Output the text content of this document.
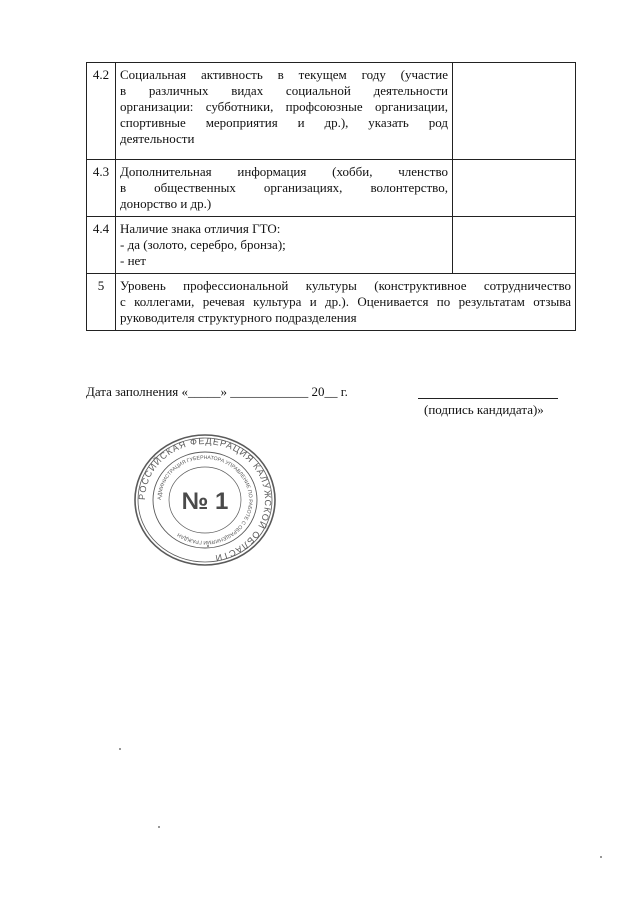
4.2	Социальная активность в текущем году (участие
в различных видах социальной деятельности
организации: субботники, профсоюзные организации,
спортивные мероприятия и др.), указать род
деятельности	

4.3	Дополнительная информация (хобби, членство
в общественных организациях, волонтерство,
донорство и др.)	

4.4	Наличие знака отличия ГТО:
- да (золото, серебро, бронза);
- нет	

5	Уровень профессиональной культуры (конструктивное сотрудничество
с коллегами, речевая культура и др.). Оценивается по результатам отзыва
руководителя структурного подразделения	
Дата заполнения «_____» ____________ 20__ г.
(подпись кандидата)»
РОССИЙСКАЯ ФЕДЕРАЦИЯ КАЛУЖСКОЙ ОБЛАСТИ
АДМИНИСТРАЦИЯ ГУБЕРНАТОРА УПРАВЛЕНИЕ ПО РАБОТЕ С ОБРАЩЕНИЯМИ ГРАЖДАН
№ 1
